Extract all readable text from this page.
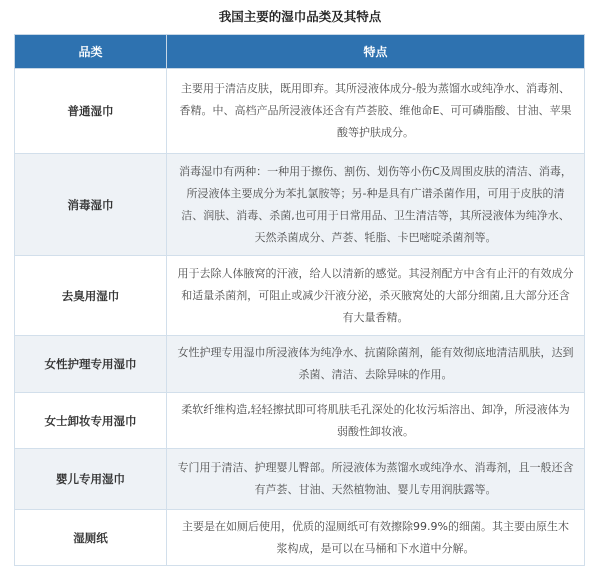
我国主要的湿巾品类及其特点
品类	特点
普通湿巾	主要用于清洁皮肤，既用即弃。其所浸液体成分-般为蒸馏水或纯净水、消毒剂、香精。中、高档产品所浸液体还含有芦荟胶、维他命E、可可磷脂酸、甘油、苹果酸等护肤成分。
消毒湿巾	消毒湿巾有两种：一种用于擦伤、割伤、划伤等小伤C及周围皮肤的清洁、消毒，所浸液体主要成分为苯扎氯胺等；另-种是具有广谱杀菌作用，可用于皮肤的清洁、润肤、消毒、杀菌,也可用于日常用品、卫生清洁等，其所浸液体为纯净水、天然杀菌成分、芦荟、牦脂、卡巴嘧啶杀菌剂等。
去臭用湿巾	用于去除人体腋窝的汗液，给人以清新的感觉。其浸剂配方中含有止汗的有效成分和适量杀菌剂，可阻止或减少汗液分泌，杀灭腋窝处的大部分细菌,且大部分还含有大量香精。
女性护理专用湿巾	女性护理专用湿巾所浸液体为纯净水、抗菌除菌剂，能有效彻底地清洁肌肤，达到杀菌、清洁、去除异味的作用。
女士卸妆专用湿巾	柔软纤维构造,轻轻擦拭即可将肌肤毛孔深处的化妆污垢溶出、卸净，所浸液体为弱酸性卸妆液。
婴儿专用湿巾	专门用于清洁、护理婴儿臀部。所浸液体为蒸馏水或纯净水、消毒剂，且一般还含有芦荟、甘油、天然植物油、婴儿专用润肤露等。
湿厕纸	主要是在如厕后使用，优质的湿厕纸可有效擦除99.9%的细菌。其主要由原生木浆构成，是可以在马桶和下水道中分解。
